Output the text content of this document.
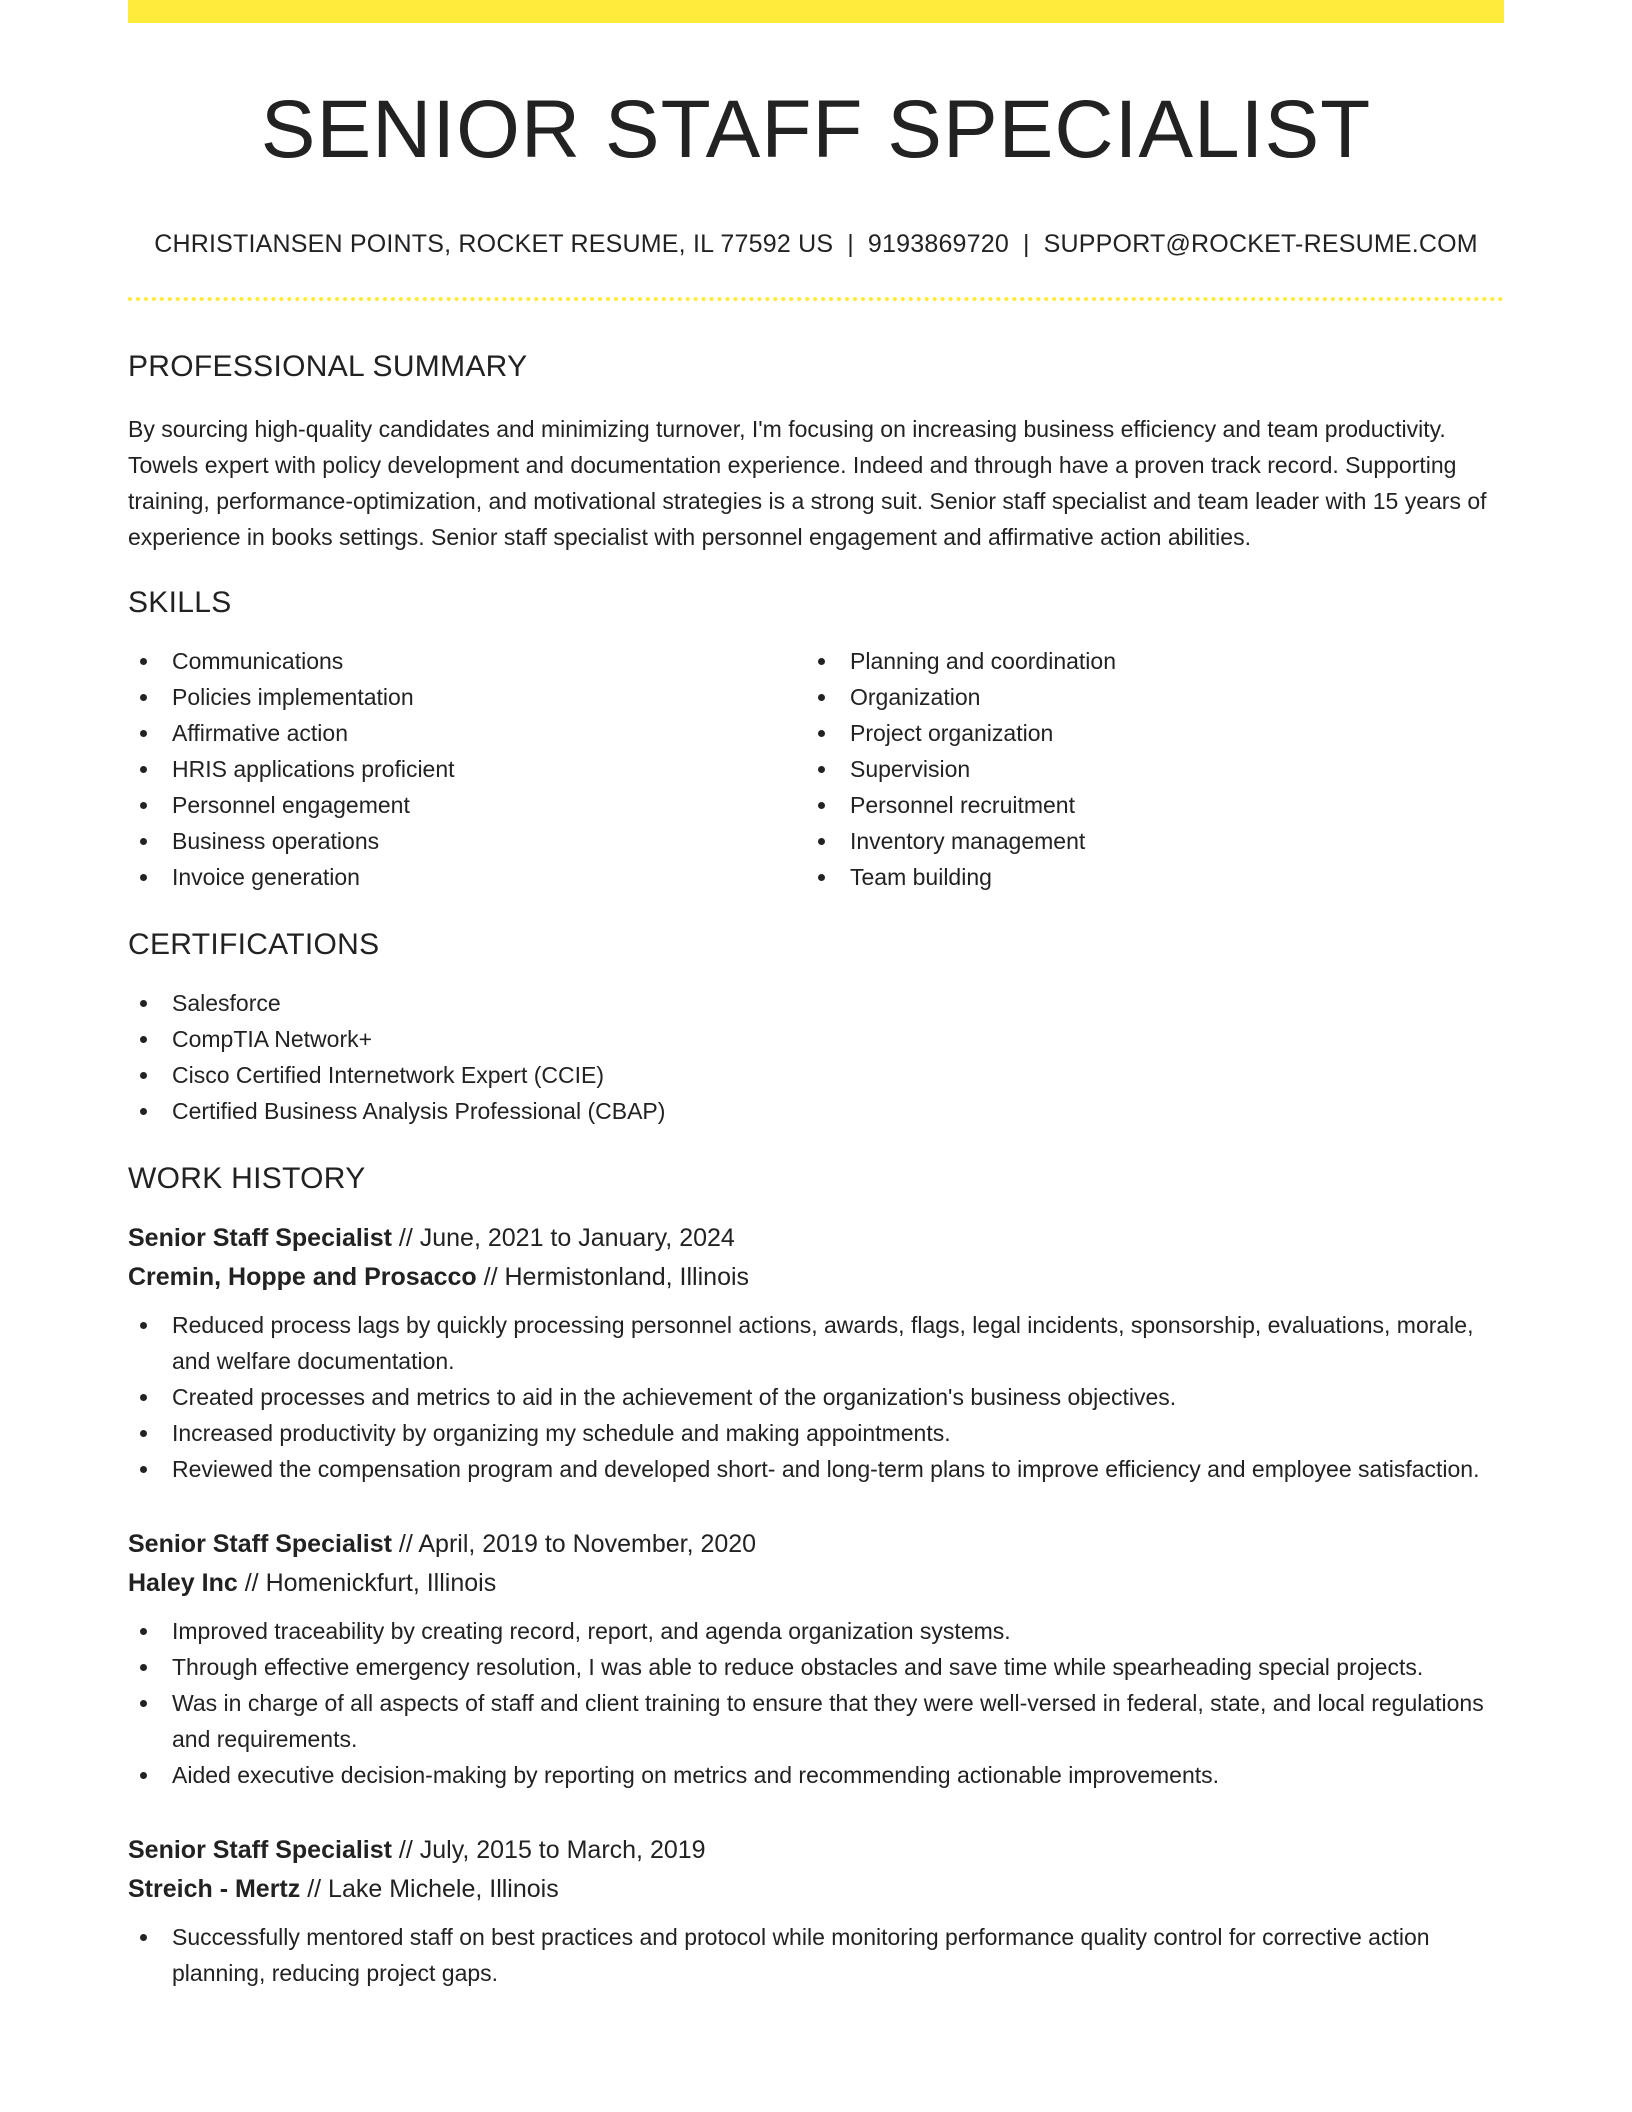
SENIOR STAFF SPECIALIST
CHRISTIANSEN POINTS, ROCKET RESUME, IL 77592 US | 9193869720 | SUPPORT@ROCKET-RESUME.COM
PROFESSIONAL SUMMARY

By sourcing high-quality candidates and minimizing turnover, I'm focusing on increasing business efficiency and team productivity. Towels expert with policy development and documentation experience. Indeed and through have a proven track record. Supporting training, performance-optimization, and motivational strategies is a strong suit. Senior staff specialist and team leader with 15 years of experience in books settings. Senior staff specialist with personnel engagement and affirmative action abilities.

SKILLS
Communications
Policies implementation
Affirmative action
HRIS applications proficient
Personnel engagement
Business operations
Invoice generation
Planning and coordination
Organization
Project organization
Supervision
Personnel recruitment
Inventory management
Team building
CERTIFICATIONS
Salesforce
CompTIA Network+
Cisco Certified Internetwork Expert (CCIE)
Certified Business Analysis Professional (CBAP)
WORK HISTORY
Senior Staff Specialist // June, 2021 to January, 2024
Cremin, Hoppe and Prosacco // Hermistonland, Illinois
Reduced process lags by quickly processing personnel actions, awards, flags, legal incidents, sponsorship, evaluations, morale, and welfare documentation.
Created processes and metrics to aid in the achievement of the organization's business objectives.
Increased productivity by organizing my schedule and making appointments.
Reviewed the compensation program and developed short- and long-term plans to improve efficiency and employee satisfaction.
Senior Staff Specialist // April, 2019 to November, 2020
Haley Inc // Homenickfurt, Illinois
Improved traceability by creating record, report, and agenda organization systems.
Through effective emergency resolution, I was able to reduce obstacles and save time while spearheading special projects.
Was in charge of all aspects of staff and client training to ensure that they were well-versed in federal, state, and local regulations and requirements.
Aided executive decision-making by reporting on metrics and recommending actionable improvements.
Senior Staff Specialist // July, 2015 to March, 2019
Streich - Mertz // Lake Michele, Illinois
Successfully mentored staff on best practices and protocol while monitoring performance quality control for corrective action planning, reducing project gaps.
